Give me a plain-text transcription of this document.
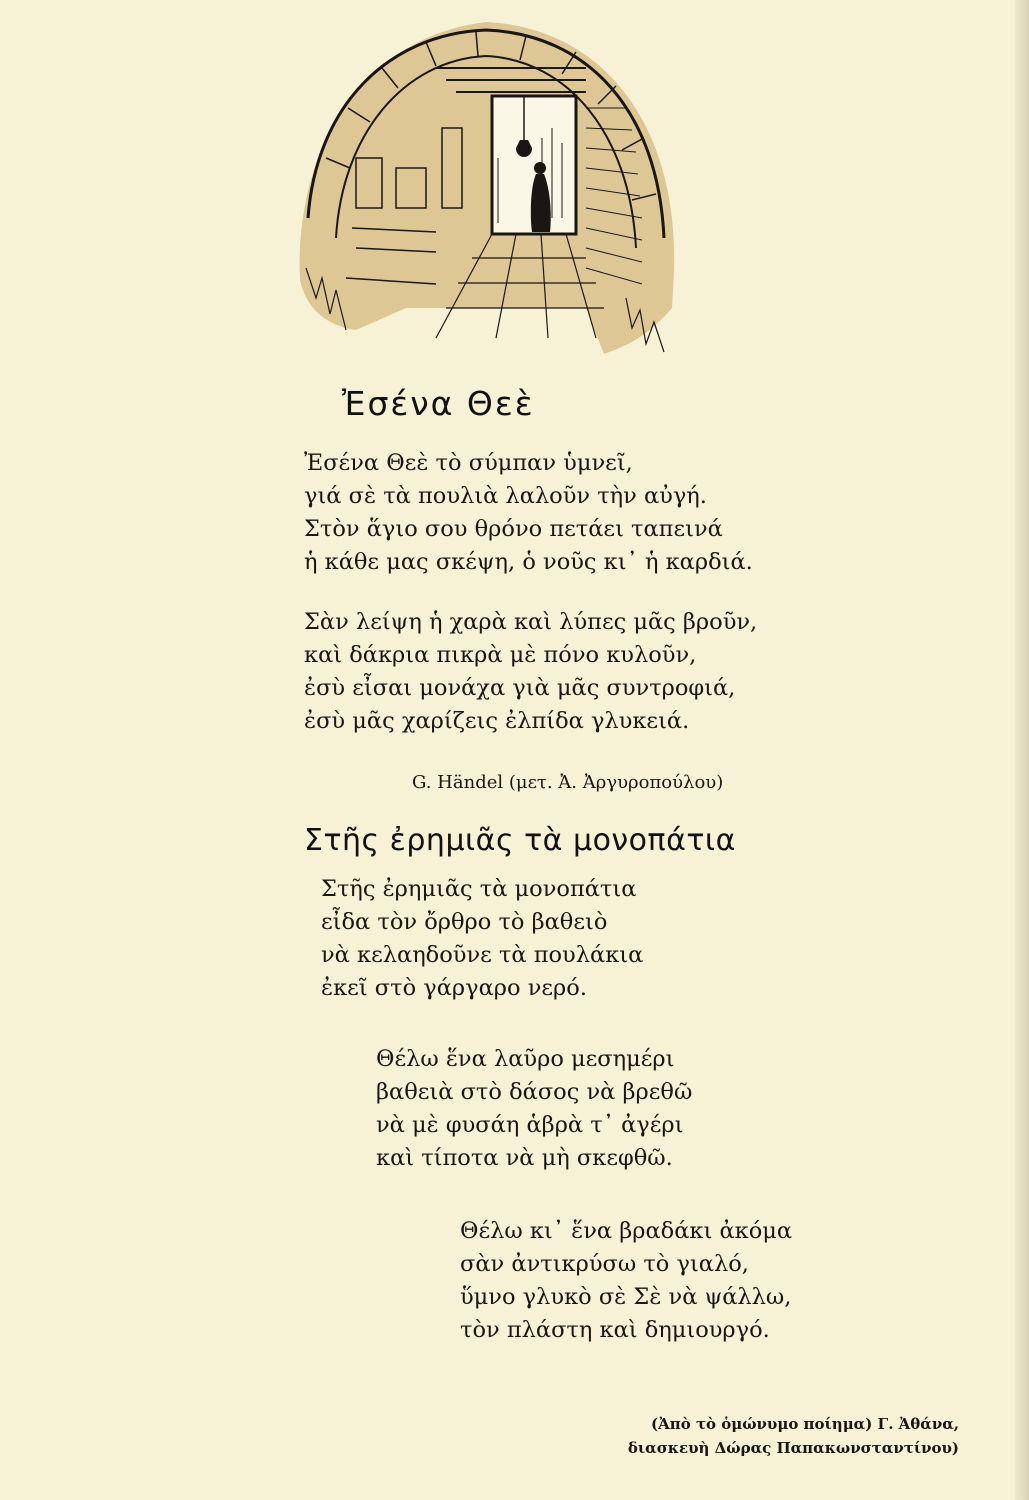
Ἐσένα Θεὲ
Ἐσένα Θεὲ τὸ σύμπαν ὑμνεῖ,
γιά σὲ τὰ πουλιὰ λαλοῦν τὴν αὐγή.
Στὸν ἅγιο σου θρόνο πετάει ταπεινά
ἡ κάθε μας σκέψη, ὁ νοῦς κι᾽ ἡ καρδιά.
Σὰν λείψη ἡ χαρὰ καὶ λύπες μᾶς βροῦν,
καὶ δάκρια πικρὰ μὲ πόνο κυλοῦν,
ἐσὺ εἶσαι μονάχα γιὰ μᾶς συντροφιά,
ἐσὺ μᾶς χαρίζεις ἐλπίδα γλυκειά.
G. Händel (μετ. Ἀ. Ἀργυροπούλου)
Στῆς ἐρημιᾶς τὰ μονοπάτια
Στῆς ἐρημιᾶς τὰ μονοπάτια
εἶδα τὸν ὄρθρο τὸ βαθειὸ
νὰ κελαηδοῦνε τὰ πουλάκια
ἐκεῖ στὸ γάργαρο νερό.
Θέλω ἕνα λαῦρο μεσημέρι
βαθειὰ στὸ δάσος νὰ βρεθῶ
νὰ μὲ φυσάη ἁβρὰ τ᾽ ἀγέρι
καὶ τίποτα νὰ μὴ σκεφθῶ.
Θέλω κι᾽ ἕνα βραδάκι ἀκόμα
σὰν ἀντικρύσω τὸ γιαλό,
ὕμνο γλυκὸ σὲ Σὲ νὰ ψάλλω,
τὸν πλάστη καὶ δημιουργό.
(Ἀπὸ τὸ ὁμώνυμο ποίημα) Γ. Ἀθάνα,
διασκευὴ Δώρας Παπακωνσταντίνου)
